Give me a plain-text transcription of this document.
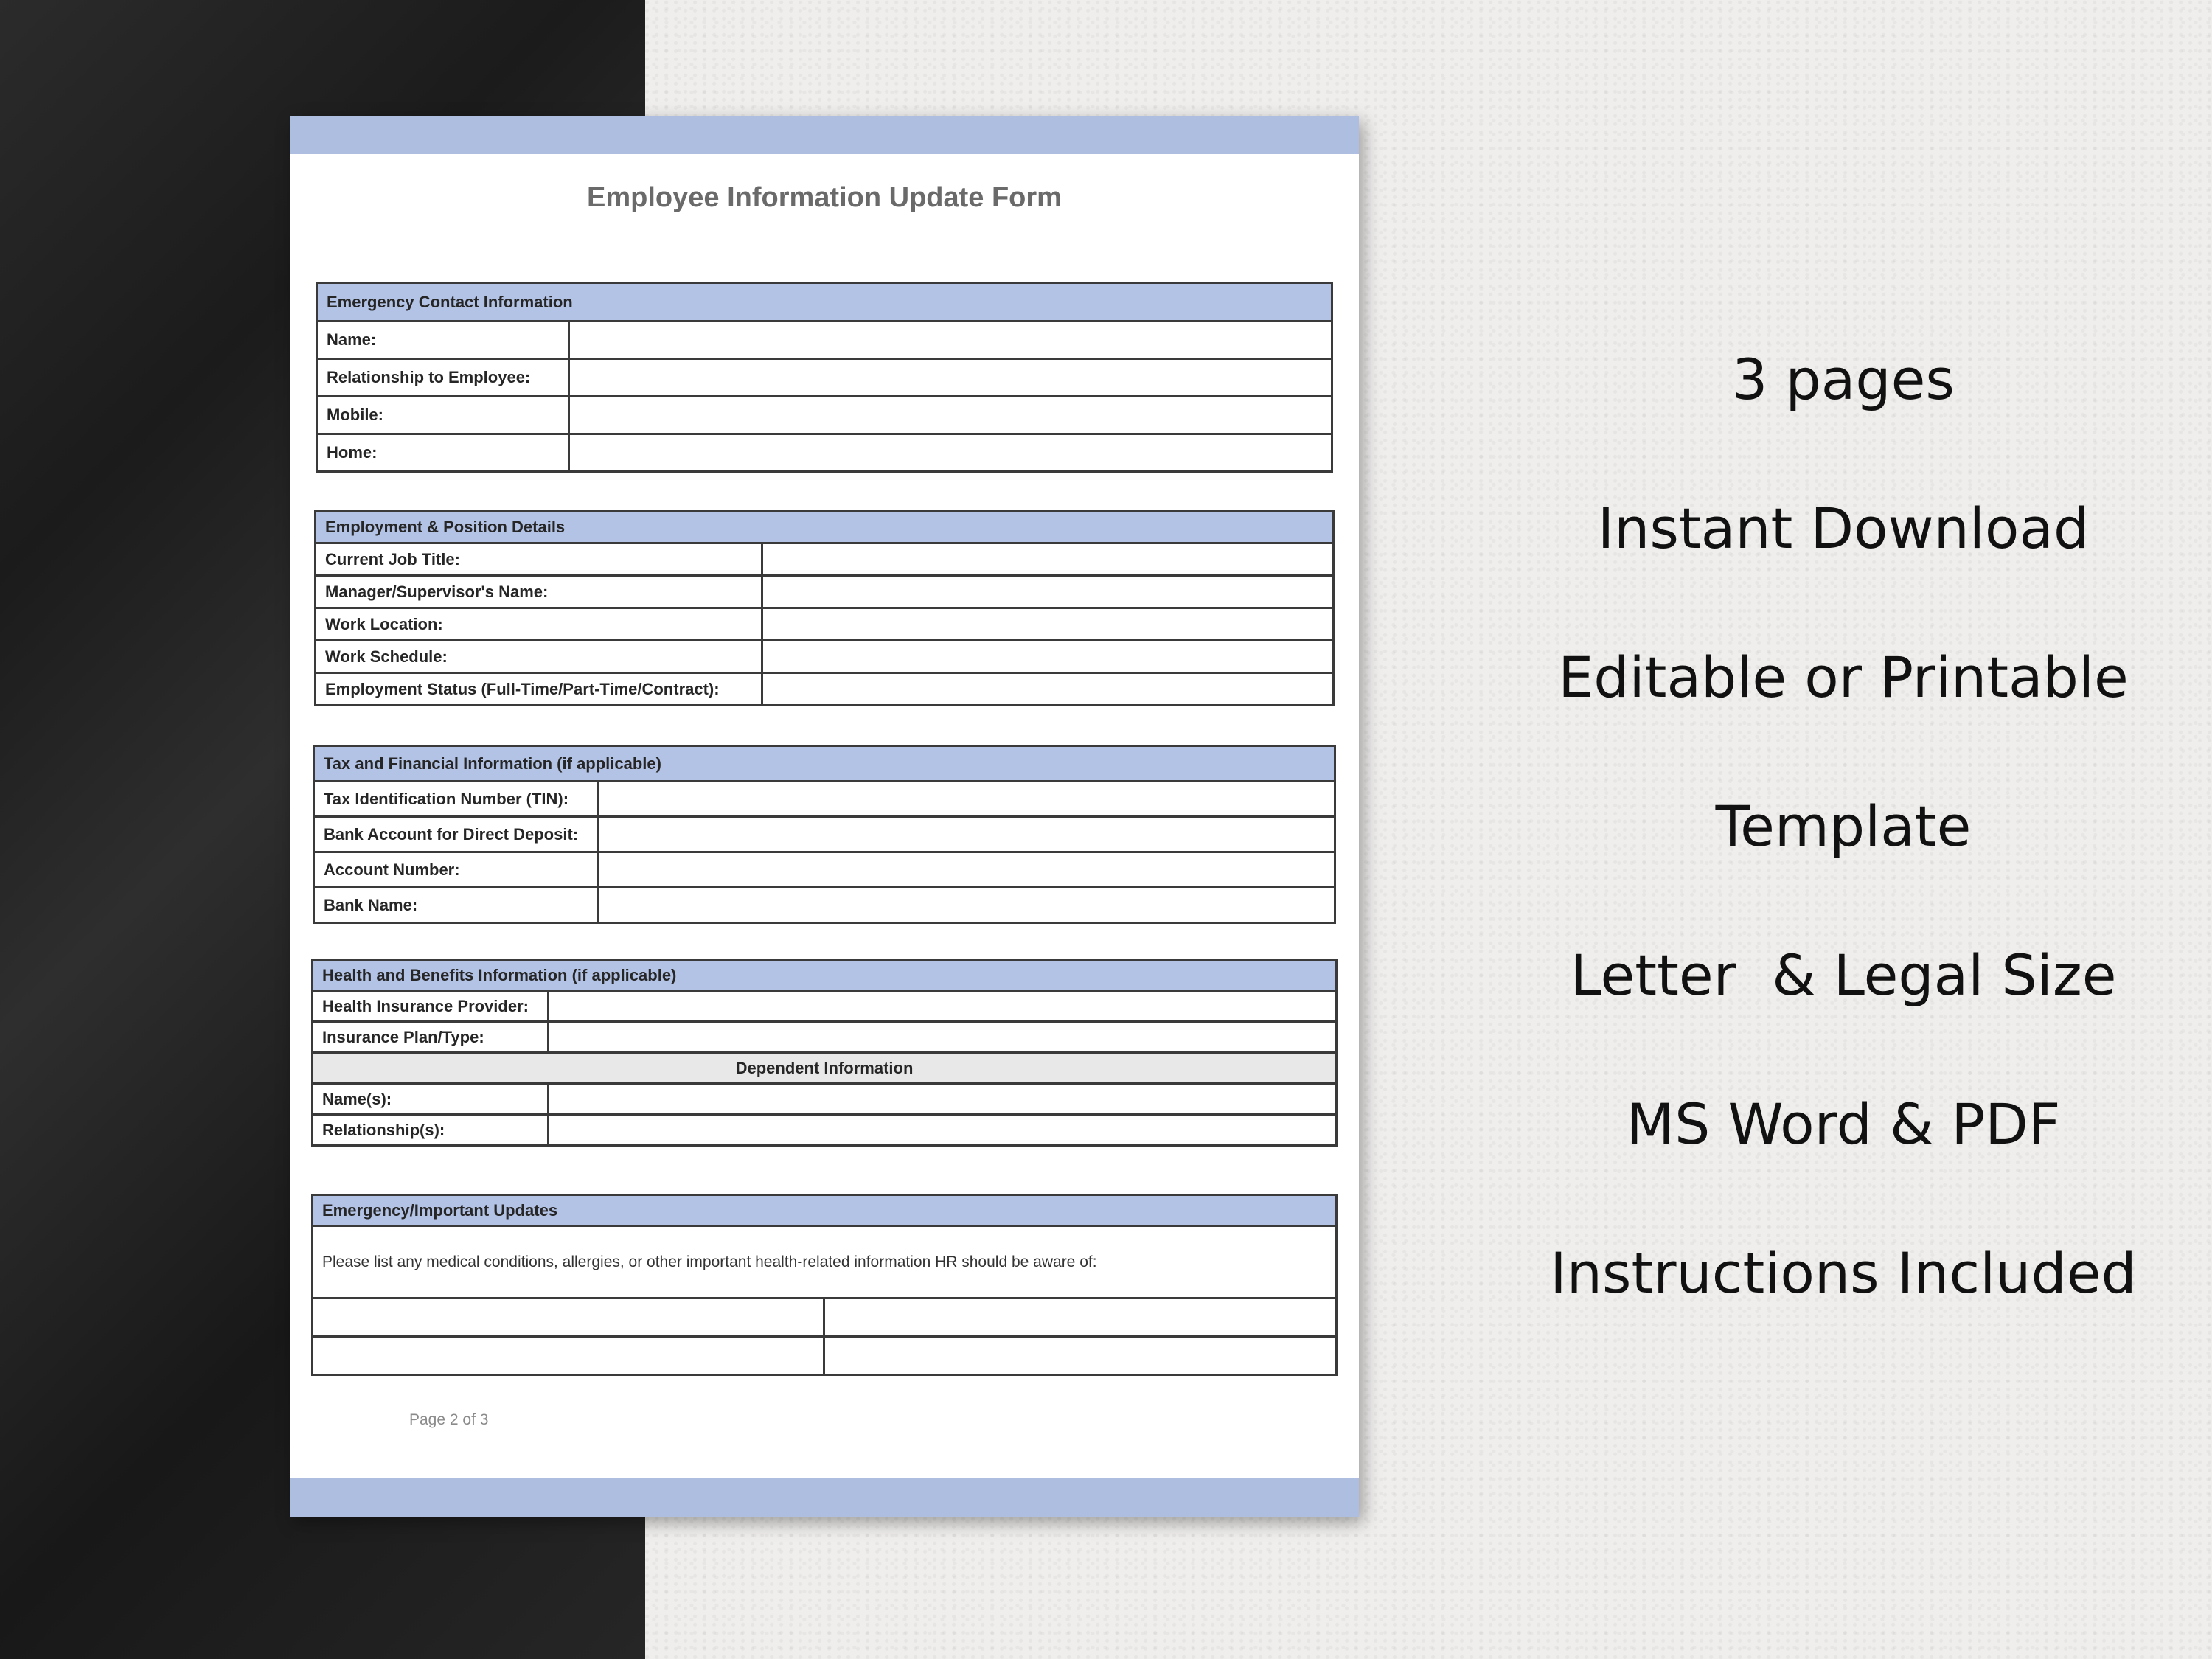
Employee Information Update Form
Emergency Contact Information	
Name:	
Relationship to Employee:	
Mobile:	
Home:	
Employment & Position Details	
Current Job Title:	
Manager/Supervisor's Name:	
Work Location:	
Work Schedule:	
Employment Status (Full-Time/Part-Time/Contract):	
Tax and Financial Information (if applicable)	
Tax Identification Number (TIN):	
Bank Account for Direct Deposit:	
Account Number:	
Bank Name:	
Health and Benefits Information (if applicable)	
Health Insurance Provider:	
Insurance Plan/Type:	
Dependent Information	
Name(s):	
Relationship(s):	
Emergency/Important Updates	
Please list any medical conditions, allergies, or other important health-related information HR should be aware of:	

Page 2 of 3
3 pages
Instant Download
Editable or Printable
Template
Letter  & Legal Size
MS Word & PDF
Instructions Included
